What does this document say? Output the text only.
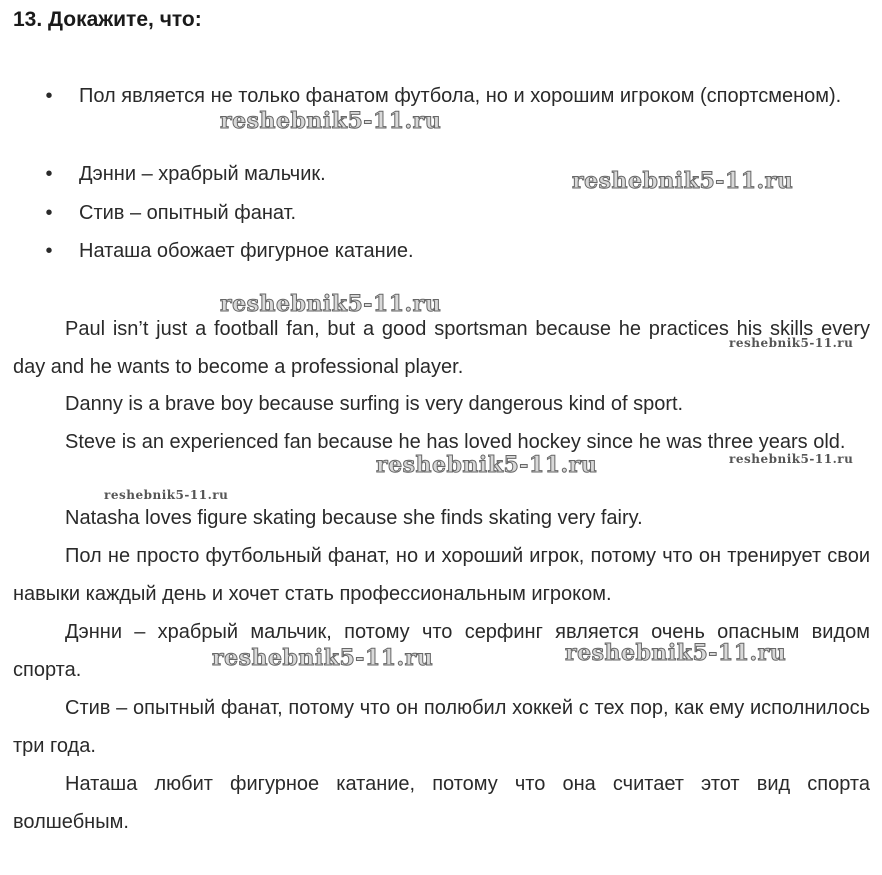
13. Докажите, что:
• Пол является не только фанатом футбола, но и хорошим игроком (спортсменом).
• Дэнни – храбрый мальчик.
• Стив – опытный фанат.
• Наташа обожает фигурное катание.

Paul isn’t just a football fan, but a good sportsman because he practices his skills every day and he wants to become a professional player.

Danny is a brave boy because surfing is very dangerous kind of sport.

Steve is an experienced fan because he has loved hockey since he was three years old.

Natasha loves figure skating because she finds skating very fairy.

Пол не просто футбольный фанат, но и хороший игрок, потому что он тренирует свои навыки каждый день и хочет стать профессиональным игроком.

Дэнни – храбрый мальчик, потому что серфинг является очень опасным видом спорта.

Стив – опытный фанат, потому что он полюбил хоккей с тех пор, как ему исполнилось три года.

Наташа любит фигурное катание, потому что она считает этот вид спорта волшебным.

reshebnik5-11.ru
reshebnik5-11.ru
reshebnik5-11.ru
reshebnik5-11.ru
reshebnik5-11.ru	reshebnik5-11.ru
reshebnik5-11.ru
reshebnik5-11.ru	reshebnik5-11.ru
